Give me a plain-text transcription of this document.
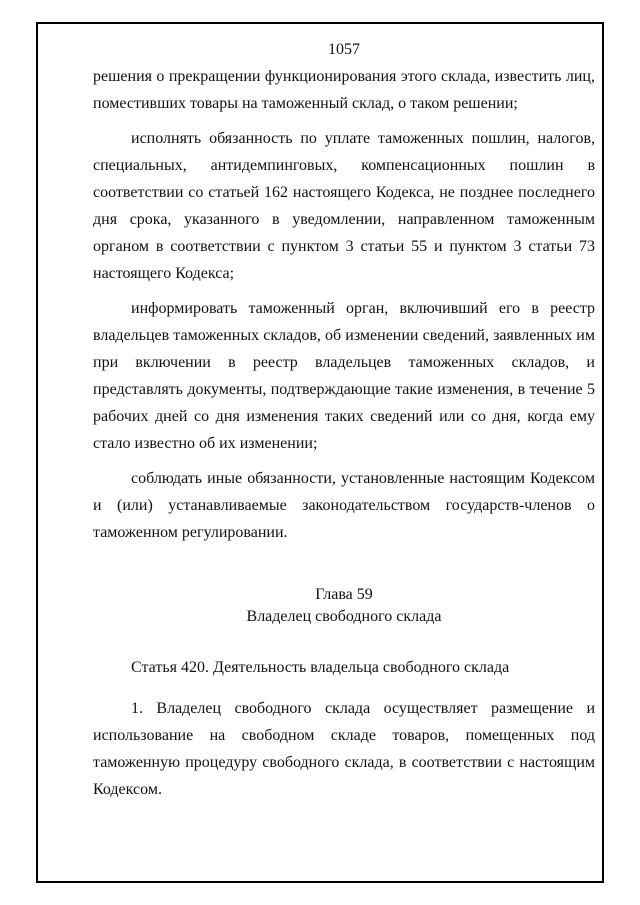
1057

решения о прекращении функционирования этого склада, известить лиц, поместивших товары на таможенный склад, о таком решении;

исполнять обязанность по уплате таможенных пошлин, налогов, специальных, антидемпинговых, компенсационных пошлин в соответствии со статьей 162 настоящего Кодекса, не позднее последнего дня срока, указанного в уведомлении, направленном таможенным органом в соответствии с пунктом 3 статьи 55 и пунктом 3 статьи 73 настоящего Кодекса;

информировать таможенный орган, включивший его в реестр владельцев таможенных складов, об изменении сведений, заявленных им при включении в реестр владельцев таможенных складов, и представлять документы, подтверждающие такие изменения, в течение 5 рабочих дней со дня изменения таких сведений или со дня, когда ему стало известно об их изменении;

соблюдать иные обязанности, установленные настоящим Кодексом и (или) устанавливаемые законодательством государств-членов о таможенном регулировании.

Глава 59
Владелец свободного склада

Статья 420. Деятельность владельца свободного склада

1. Владелец свободного склада осуществляет размещение и использование на свободном складе товаров, помещенных под таможенную процедуру свободного склада, в соответствии с настоящим Кодексом.
